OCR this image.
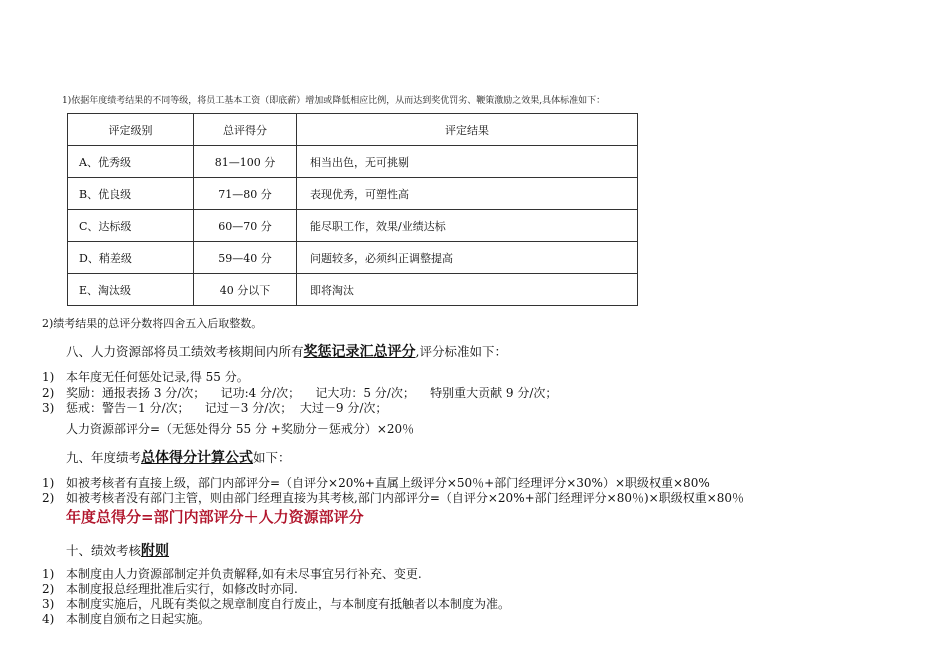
1)依据年度绩考结果的不同等级，将员工基本工资（即底薪）增加或降低相应比例，从而达到奖优罚劣、鞭策激励之效果,具体标准如下：
评定级别	总评得分	评定结果
A、优秀级	81—100 分	相当出色，无可挑剔
B、优良级	71—80 分	表现优秀，可塑性高
C、达标级	60—70 分	能尽职工作，效果/业绩达标
D、稍差级	59—40 分	问题较多，必须纠正调整提高
E、淘汰级	40 分以下	即将淘汰
2)绩考结果的总评分数将四舍五入后取整数。
八、人力资源部将员工绩效考核期间内所有奖惩记录汇总评分,评分标准如下：
1) 本年度无任何惩处记录,得 55 分。
2) 奖励：通报表扬 3 分/次；    记功:4 分/次；    记大功：5 分/次；    特别重大贡献 9 分/次；
3) 惩戒：警告－1 分/次；    记过－3 分/次；  大过－9 分/次；
人力资源部评分=（无惩处得分 55 分 +奖励分－惩戒分）×20％
九、年度绩考总体得分计算公式如下：
1) 如被考核者有直接上级，部门内部评分=（自评分×20%+直属上级评分×50％+部门经理评分×30%）×职级权重×80%
2) 如被考核者没有部门主管，则由部门经理直接为其考核,部门内部评分=（自评分×20%+部门经理评分×80％)×职级权重×80％
年度总得分=部门内部评分＋人力资源部评分
十、绩效考核附则
1) 本制度由人力资源部制定并负责解释,如有未尽事宜另行补充、变更.
2) 本制度报总经理批准后实行，如修改时亦同.
3) 本制度实施后，凡既有类似之规章制度自行废止，与本制度有抵触者以本制度为准。
4) 本制度自颁布之日起实施。
